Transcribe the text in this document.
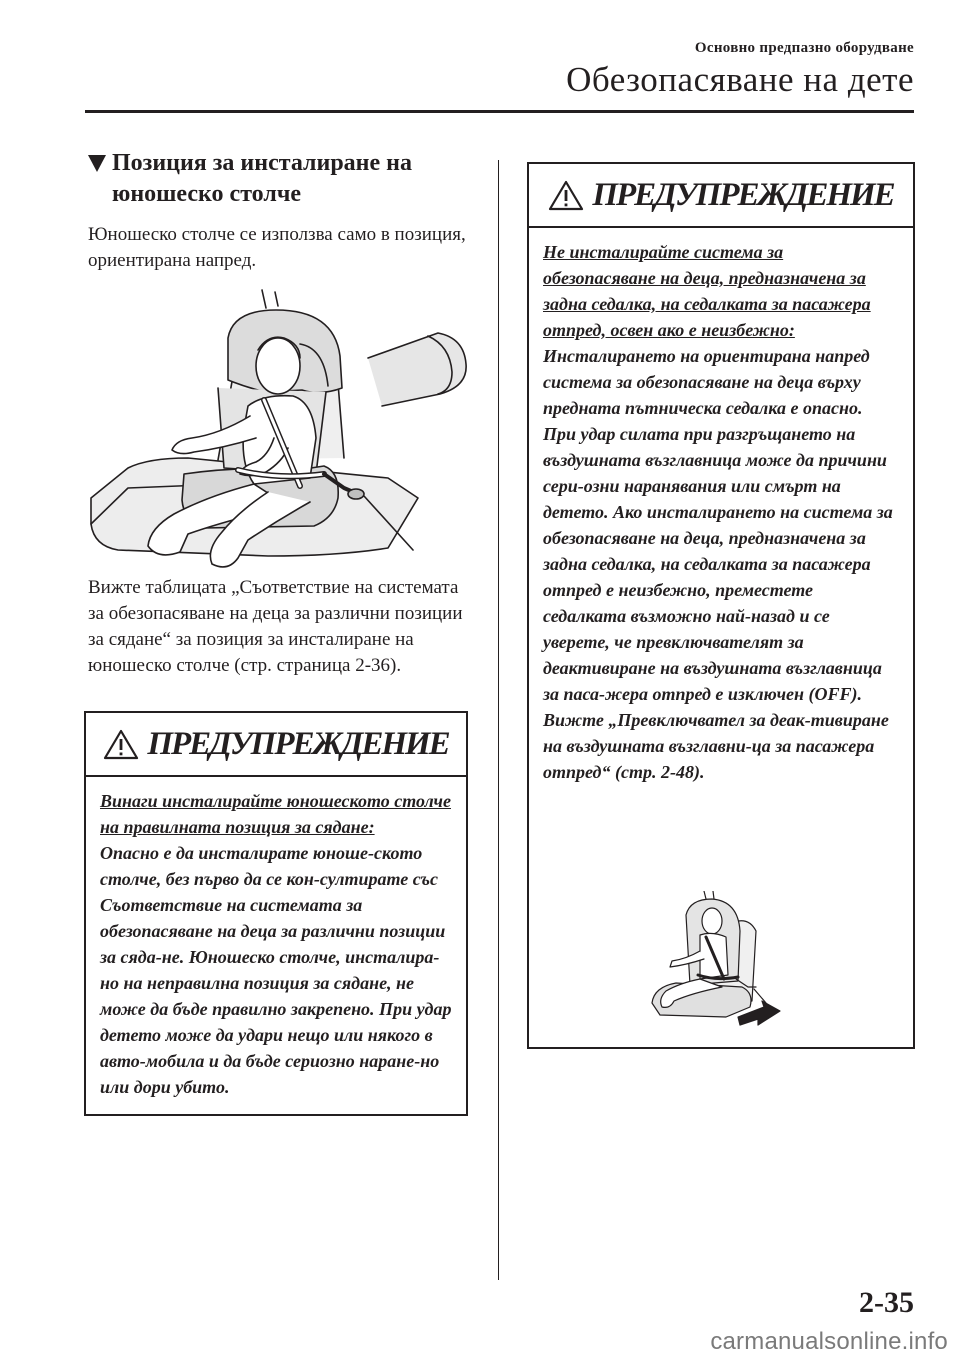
Основно предпазно оборудване
Обезопасяване на дете
Позиция за инсталиране на юношеско столче
Юношеско столче се използва само в позиция, ориентирана напред.
Вижте таблицата „Съответствие на системата за обезопасяване на деца за различни позиции за сядане“ за позиция за инсталиране на юношеско столче (стр. страница 2-36).
ПРЕДУПРЕЖДЕНИЕ
Винаги инсталирайте юношеското столче на правилната позиция за сядане:
Опасно е да инсталирате юноше-ското столче, без първо да се кон-султирате със Съответствие на системата за обезопасяване на деца за различни позиции за сяда-не. Юношеско столче, инсталира-но на неправилна позиция за сядане, не може да бъде правилно закрепено. При удар детето може да удари нещо или някого в авто-мобила и да бъде сериозно нaране-но или дори убито.
ПРЕДУПРЕЖДЕНИЕ
Не инсталирайте система за обезопасяване на деца, предназначена за задна седалка, на седалката за пасажера отпред, освен ако е неизбежно:
Инсталирането на ориентирана напред система за обезопасяване на деца върху предната пътническа седалка е опасно. При удар силата при разгръщането на въздушната възглавница може да причини сери-озни наранявания или смърт на детето. Ако инсталирането на система за обезопасяване на деца, предназначена за задна седалка, на седалката за пасажера отпред е неизбежно, преместете седалката възможно най-назад и се уверете, че превключвателят за деактивиране на въздушната възглавница за паса-жера отпред е изключен (OFF). Вижте „Превключвател за деак-тивиране на въздушната възглавни-ца за пасажера отпред“ (стр. 2-48).
2-35
carmanualsonline.info
